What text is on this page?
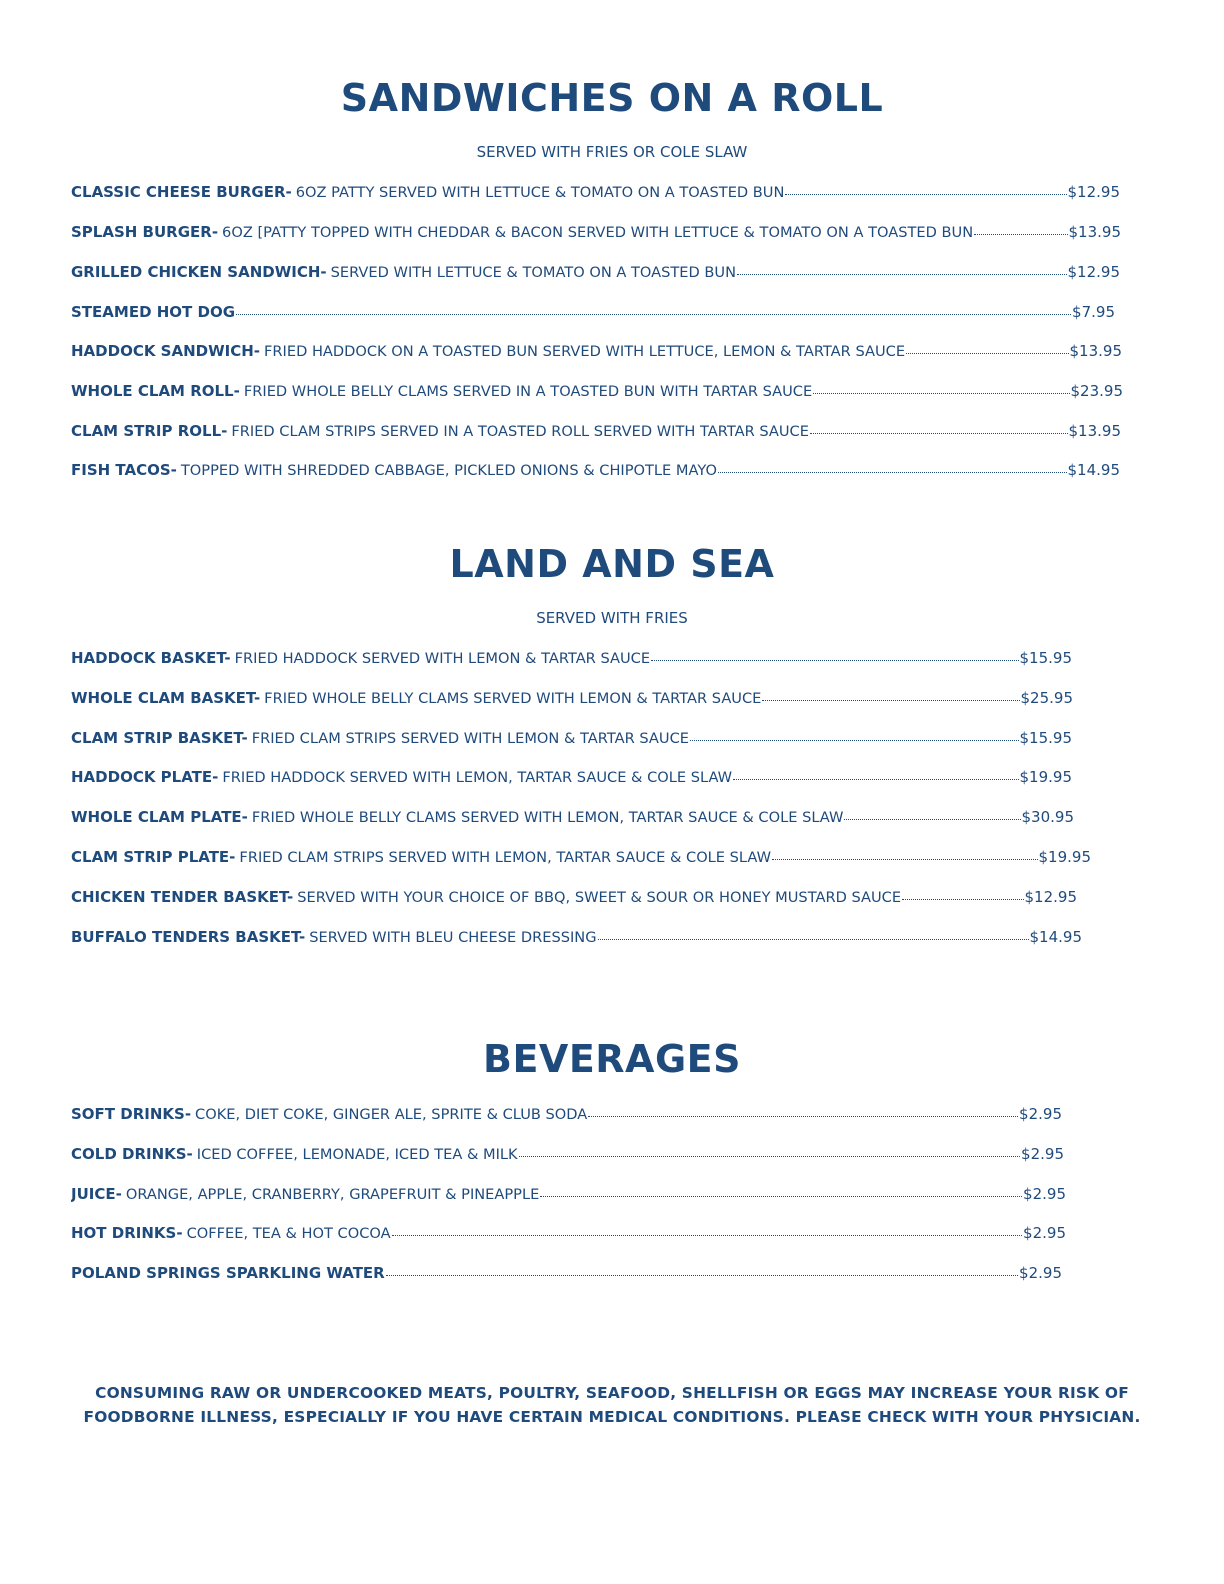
SANDWICHES ON A ROLL
SERVED WITH FRIES OR COLE SLAW
CLASSIC CHEESE BURGER- 6OZ PATTY SERVED WITH LETTUCE & TOMATO ON A TOASTED BUN	$12.95
SPLASH BURGER- 6OZ [PATTY TOPPED WITH CHEDDAR & BACON SERVED WITH LETTUCE & TOMATO ON A TOASTED BUN	$13.95
GRILLED CHICKEN SANDWICH- SERVED WITH LETTUCE & TOMATO ON A TOASTED BUN	$12.95
STEAMED HOT DOG	$7.95
HADDOCK SANDWICH- FRIED HADDOCK ON A TOASTED BUN SERVED WITH LETTUCE, LEMON & TARTAR SAUCE	$13.95
WHOLE CLAM ROLL- FRIED WHOLE BELLY CLAMS SERVED IN A TOASTED BUN WITH TARTAR SAUCE	$23.95
CLAM STRIP ROLL- FRIED CLAM STRIPS SERVED IN A TOASTED ROLL SERVED WITH TARTAR SAUCE	$13.95
FISH TACOS- TOPPED WITH SHREDDED CABBAGE, PICKLED ONIONS & CHIPOTLE MAYO	$14.95
LAND AND SEA
SERVED WITH FRIES
HADDOCK BASKET- FRIED HADDOCK SERVED WITH LEMON & TARTAR SAUCE	$15.95
WHOLE CLAM BASKET- FRIED WHOLE BELLY CLAMS SERVED WITH LEMON & TARTAR SAUCE	$25.95
CLAM STRIP BASKET- FRIED CLAM STRIPS SERVED WITH LEMON & TARTAR SAUCE	$15.95
HADDOCK PLATE- FRIED HADDOCK SERVED WITH LEMON, TARTAR SAUCE & COLE SLAW	$19.95
WHOLE CLAM PLATE- FRIED WHOLE BELLY CLAMS SERVED WITH LEMON, TARTAR SAUCE & COLE SLAW	$30.95
CLAM STRIP PLATE- FRIED CLAM STRIPS SERVED WITH LEMON, TARTAR SAUCE & COLE SLAW	$19.95
CHICKEN TENDER BASKET- SERVED WITH YOUR CHOICE OF BBQ, SWEET & SOUR OR HONEY MUSTARD SAUCE	$12.95
BUFFALO TENDERS BASKET- SERVED WITH BLEU CHEESE DRESSING	$14.95
BEVERAGES
SOFT DRINKS- COKE, DIET COKE, GINGER ALE, SPRITE & CLUB SODA	$2.95
COLD DRINKS- ICED COFFEE, LEMONADE, ICED TEA & MILK	$2.95
JUICE- ORANGE, APPLE, CRANBERRY, GRAPEFRUIT & PINEAPPLE	$2.95
HOT DRINKS- COFFEE, TEA & HOT COCOA	$2.95
POLAND SPRINGS SPARKLING WATER	$2.95
CONSUMING RAW OR UNDERCOOKED MEATS, POULTRY, SEAFOOD, SHELLFISH OR EGGS MAY INCREASE YOUR RISK OF FOODBORNE ILLNESS, ESPECIALLY IF YOU HAVE CERTAIN MEDICAL CONDITIONS. PLEASE CHECK WITH YOUR PHYSICIAN.
